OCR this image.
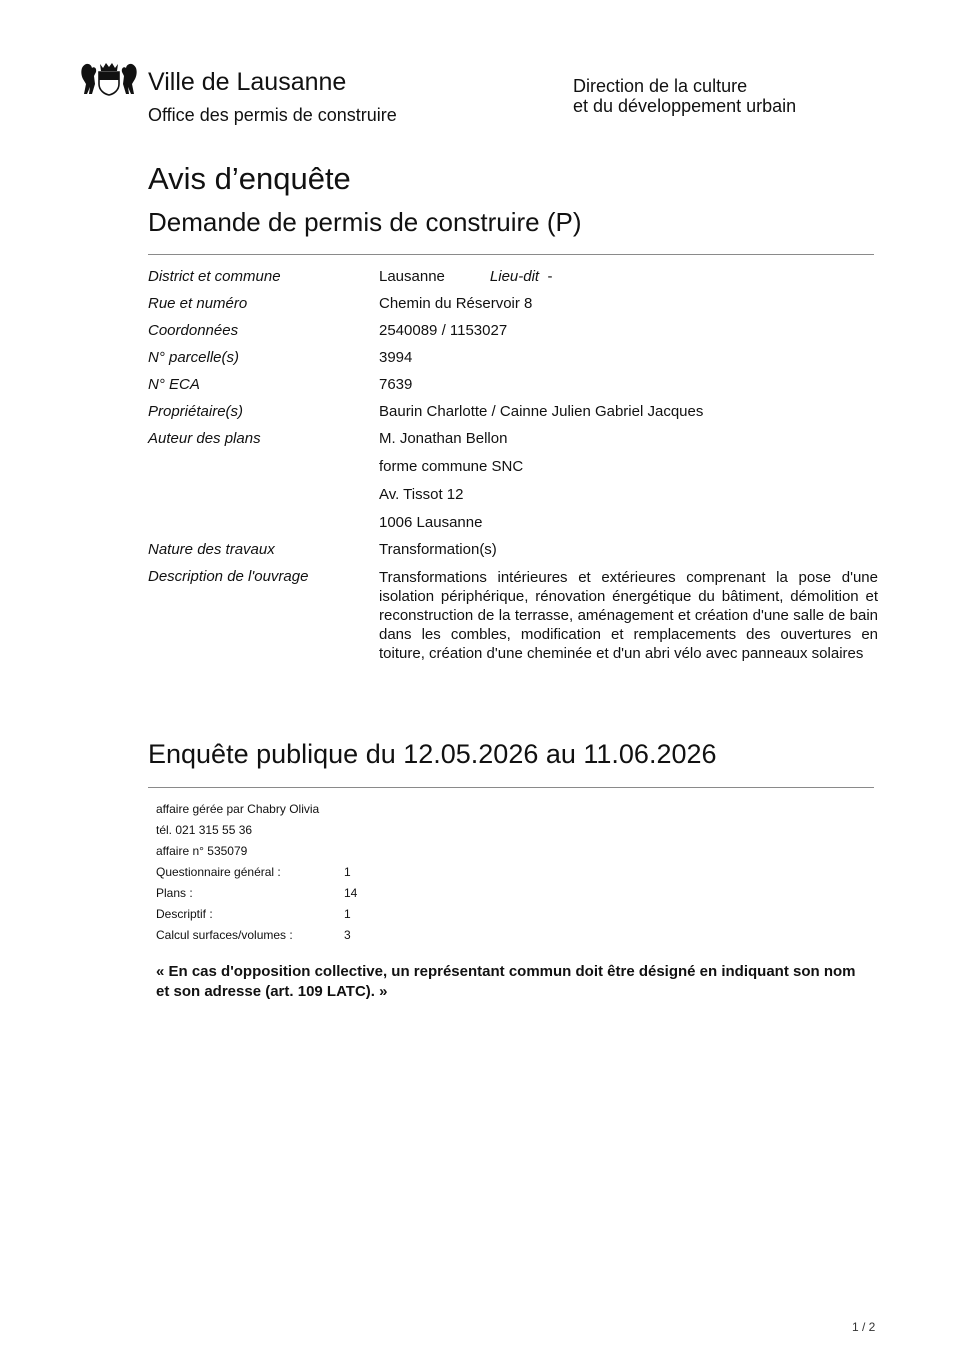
Ville de Lausanne
Office des permis de construire
Direction de la culture
et du développement urbain
Avis d’enquête
Demande de permis de construire (P)
District et commune	Lausanne	Lieu-dit -
Rue et numéro	Chemin du Réservoir 8
Coordonnées	2540089 / 1153027
N° parcelle(s)	3994
N° ECA	7639
Propriétaire(s)	Baurin Charlotte / Cainne Julien Gabriel Jacques
Auteur des plans	M. Jonathan Bellon
forme commune SNC
Av. Tissot 12
1006 Lausanne
Nature des travaux	Transformation(s)
Description de l'ouvrage	Transformations intérieures et extérieures comprenant la pose d'une isolation périphérique, rénovation énergétique du bâtiment, démolition et reconstruction de la terrasse, aménagement et création d'une salle de bain dans les combles, modification et remplacements des ouvertures en toiture, création d'une cheminée et d'un abri vélo avec panneaux solaires
Enquête publique du 12.05.2026 au 11.06.2026
affaire gérée par Chabry Olivia
tél. 021 315 55 36
affaire n° 535079
Questionnaire général :	1
Plans :	14
Descriptif :	1
Calcul surfaces/volumes :	3
« En cas d'opposition collective, un représentant commun doit être désigné en indiquant son nom et son adresse (art. 109 LATC). »
1 / 2
